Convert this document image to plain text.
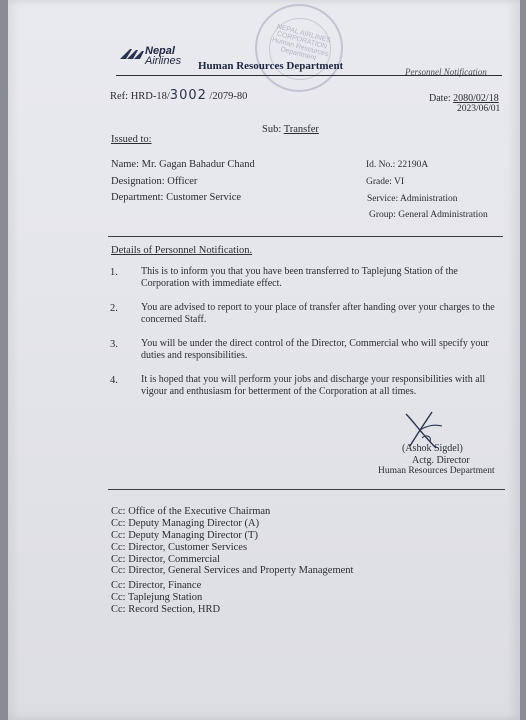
NEPAL AIRLINES CORPORATION Human Resources Department
Nepal
Airlines Human Resources Department	Personnel Notification
Ref: HRD-18/3002 /2079-80	Date: 2080/02/18
2023/06/01
Sub: Transfer
Issued to:
Name: Mr. Gagan Bahadur Chand
Designation: Officer
Department: Customer Service
Id. No.: 22190A
Grade: VI
Service: Administration
Group: General Administration
Details of Personnel Notification.
1. This is to inform you that you have been transferred to Taplejung Station of the
Corporation with immediate effect.
2. You are advised to report to your place of transfer after handing over your charges to the
concerned Staff.
3. You will be under the direct control of the Director, Commercial who will specify your
duties and responsibilities.
4. It is hoped that you will perform your jobs and discharge your responsibilities with all
vigour and enthusiasm for betterment of the Corporation at all times.
(Ashok Sigdel)
Actg. Director
Human Resources Department
Cc: Office of the Executive Chairman
Cc: Deputy Managing Director (A)
Cc: Deputy Managing Director (T)
Cc: Director, Customer Services
Cc: Director, Commercial
Cc: Director, General Services and Property Management
Cc: Director, Finance
Cc: Taplejung Station
Cc: Record Section, HRD
